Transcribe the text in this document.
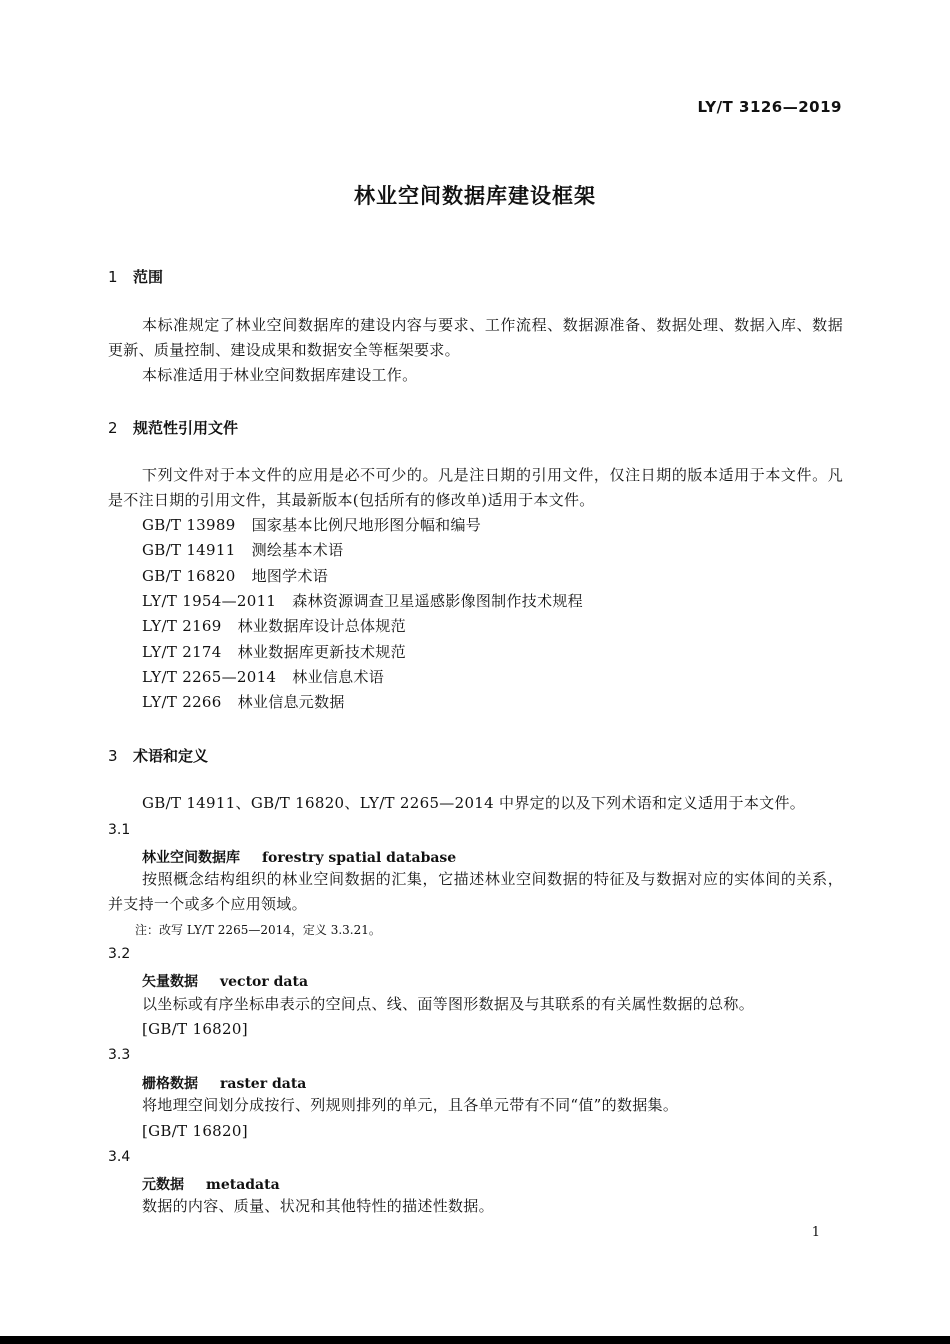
LY/T 3126—2019
林业空间数据库建设框架
1 范围
本标准规定了林业空间数据库的建设内容与要求、工作流程、数据源准备、数据处理、数据入库、数据更新、质量控制、建设成果和数据安全等框架要求。
本标准适用于林业空间数据库建设工作。
2 规范性引用文件
下列文件对于本文件的应用是必不可少的。凡是注日期的引用文件，仅注日期的版本适用于本文件。凡是不注日期的引用文件，其最新版本(包括所有的修改单)适用于本文件。
GB/T 13989 国家基本比例尺地形图分幅和编号
GB/T 14911 测绘基本术语
GB/T 16820 地图学术语
LY/T 1954—2011 森林资源调查卫星遥感影像图制作技术规程
LY/T 2169 林业数据库设计总体规范
LY/T 2174 林业数据库更新技术规范
LY/T 2265—2014 林业信息术语
LY/T 2266 林业信息元数据
3 术语和定义
GB/T 14911、GB/T 16820、LY/T 2265—2014 中界定的以及下列术语和定义适用于本文件。
3.1
林业空间数据库 forestry spatial database
按照概念结构组织的林业空间数据的汇集，它描述林业空间数据的特征及与数据对应的实体间的关系，并支持一个或多个应用领域。
注：改写 LY/T 2265—2014，定义 3.3.21。
3.2
矢量数据 vector data
以坐标或有序坐标串表示的空间点、线、面等图形数据及与其联系的有关属性数据的总称。
[GB/T 16820]
3.3
栅格数据 raster data
将地理空间划分成按行、列规则排列的单元，且各单元带有不同“值”的数据集。
[GB/T 16820]
3.4
元数据 metadata
数据的内容、质量、状况和其他特性的描述性数据。
1
